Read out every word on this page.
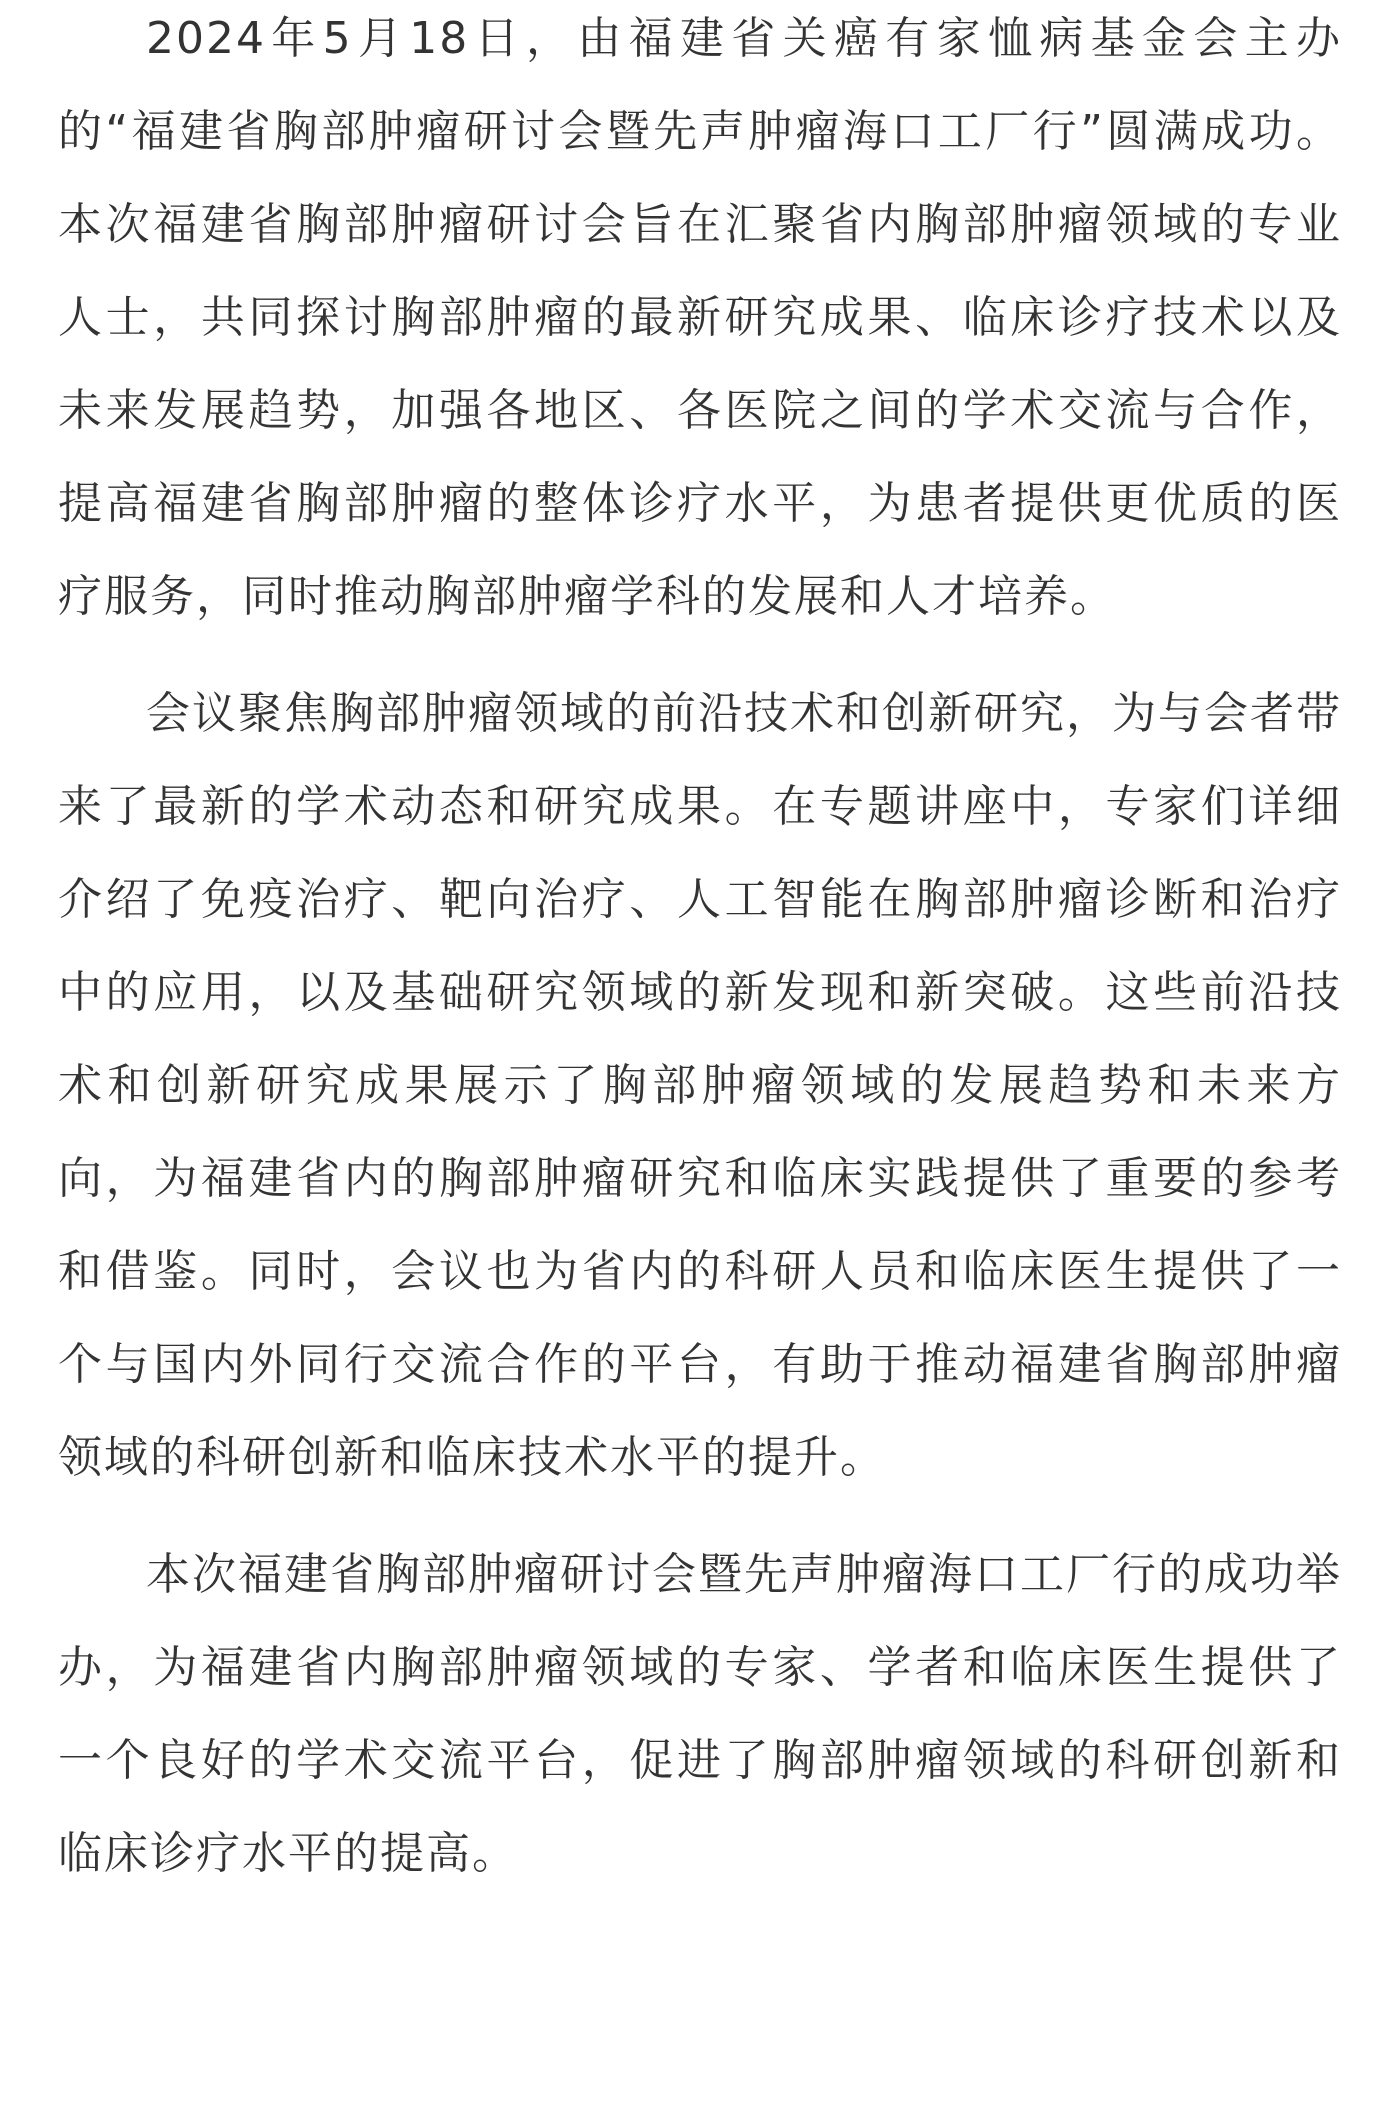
2024年5月18日，由福建省关癌有家恤病基金会主办的“福建省胸部肿瘤研讨会暨先声肿瘤海口工厂行”圆满成功。本次福建省胸部肿瘤研讨会旨在汇聚省内胸部肿瘤领域的专业人士，共同探讨胸部肿瘤的最新研究成果、临床诊疗技术以及未来发展趋势，加强各地区、各医院之间的学术交流与合作，提高福建省胸部肿瘤的整体诊疗水平，为患者提供更优质的医疗服务，同时推动胸部肿瘤学科的发展和人才培养。

会议聚焦胸部肿瘤领域的前沿技术和创新研究，为与会者带来了最新的学术动态和研究成果。在专题讲座中，专家们详细介绍了免疫治疗、靶向治疗、人工智能在胸部肿瘤诊断和治疗中的应用，以及基础研究领域的新发现和新突破。这些前沿技术和创新研究成果展示了胸部肿瘤领域的发展趋势和未来方向，为福建省内的胸部肿瘤研究和临床实践提供了重要的参考和借鉴。同时，会议也为省内的科研人员和临床医生提供了一个与国内外同行交流合作的平台，有助于推动福建省胸部肿瘤领域的科研创新和临床技术水平的提升。

本次福建省胸部肿瘤研讨会暨先声肿瘤海口工厂行的成功举办，为福建省内胸部肿瘤领域的专家、学者和临床医生提供了一个良好的学术交流平台，促进了胸部肿瘤领域的科研创新和临床诊疗水平的提高。
